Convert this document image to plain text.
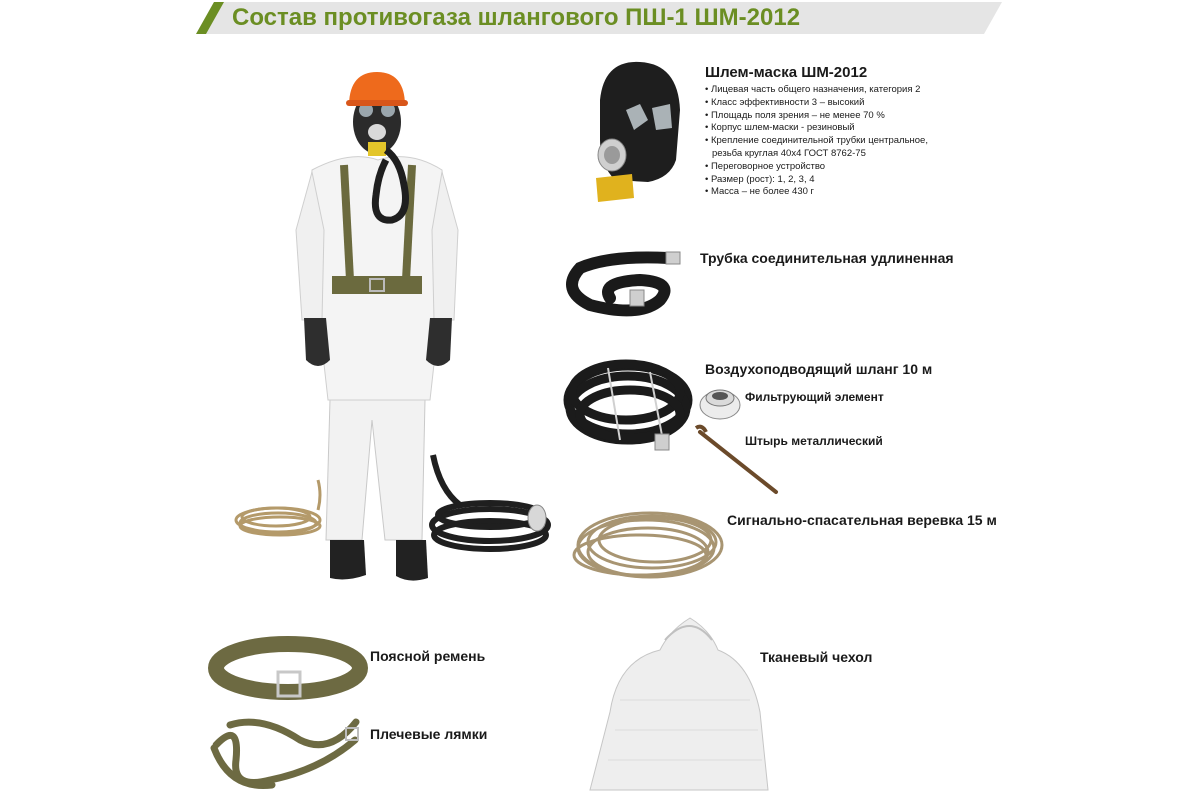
Состав противогаза шлангового ПШ-1 ШМ-2012
Шлем-маска ШМ-2012
• Лицевая часть общего назначения, категория 2
• Класс эффективности 3 – высокий
• Площадь поля зрения – не менее 70 %
• Корпус шлем-маски - резиновый
• Крепление соединительной трубки центральное,
резьба круглая 40х4 ГОСТ 8762-75
• Переговорное устройство
• Размер (рост): 1, 2, 3, 4
• Масса – не более 430 г
Трубка соединительная удлиненная
Воздухоподводящий шланг 10 м
Фильтрующий элемент
Штырь металлический
Сигнально-спасательная веревка 15 м
Поясной ремень
Плечевые лямки
Тканевый чехол
